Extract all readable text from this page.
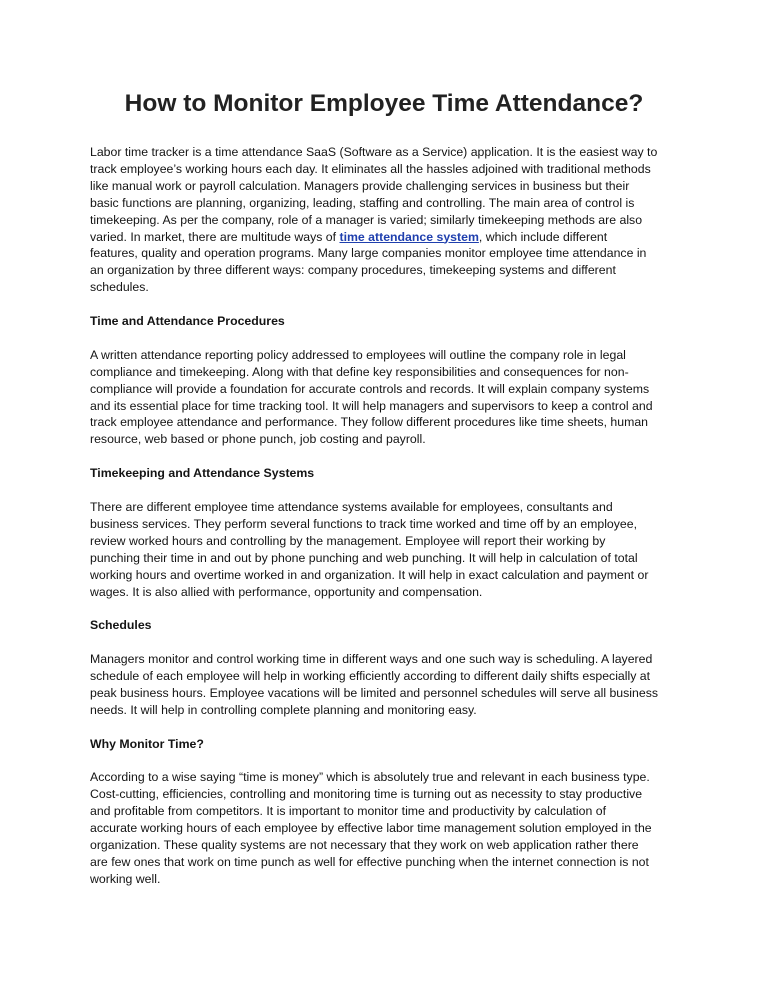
How to Monitor Employee Time Attendance?

Labor time tracker is a time attendance SaaS (Software as a Service) application. It is the easiest way to
track employee’s working hours each day. It eliminates all the hassles adjoined with traditional methods
like manual work or payroll calculation. Managers provide challenging services in business but their
basic functions are planning, organizing, leading, staffing and controlling. The main area of control is
timekeeping. As per the company, role of a manager is varied; similarly timekeeping methods are also
varied. In market, there are multitude ways of time attendance system, which include different
features, quality and operation programs. Many large companies monitor employee time attendance in
an organization by three different ways: company procedures, timekeeping systems and different
schedules.

Time and Attendance Procedures

A written attendance reporting policy addressed to employees will outline the company role in legal
compliance and timekeeping. Along with that define key responsibilities and consequences for non-
compliance will provide a foundation for accurate controls and records. It will explain company systems
and its essential place for time tracking tool. It will help managers and supervisors to keep a control and
track employee attendance and performance. They follow different procedures like time sheets, human
resource, web based or phone punch, job costing and payroll.

Timekeeping and Attendance Systems

There are different employee time attendance systems available for employees, consultants and
business services. They perform several functions to track time worked and time off by an employee,
review worked hours and controlling by the management. Employee will report their working by
punching their time in and out by phone punching and web punching. It will help in calculation of total
working hours and overtime worked in and organization. It will help in exact calculation and payment or
wages. It is also allied with performance, opportunity and compensation.

Schedules

Managers monitor and control working time in different ways and one such way is scheduling. A layered
schedule of each employee will help in working efficiently according to different daily shifts especially at
peak business hours. Employee vacations will be limited and personnel schedules will serve all business
needs. It will help in controlling complete planning and monitoring easy.

Why Monitor Time?

According to a wise saying “time is money” which is absolutely true and relevant in each business type.
Cost-cutting, efficiencies, controlling and monitoring time is turning out as necessity to stay productive
and profitable from competitors. It is important to monitor time and productivity by calculation of
accurate working hours of each employee by effective labor time management solution employed in the
organization. These quality systems are not necessary that they work on web application rather there
are few ones that work on time punch as well for effective punching when the internet connection is not
working well.
